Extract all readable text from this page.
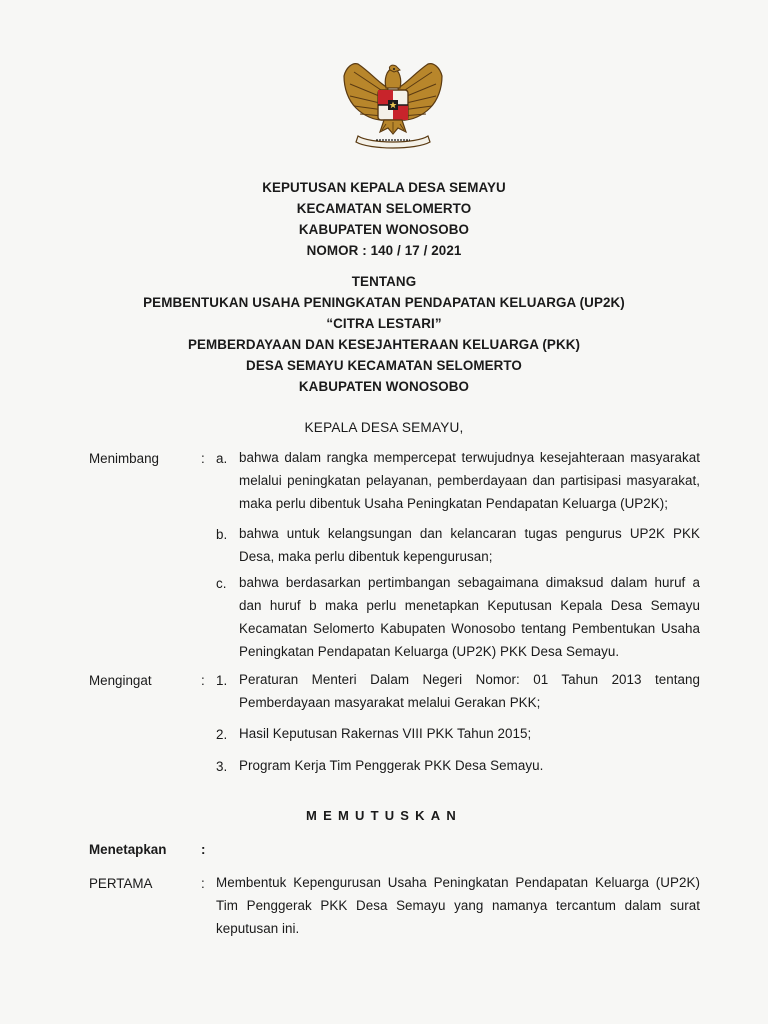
KEPUTUSAN KEPALA DESA SEMAYU
KECAMATAN SELOMERTO
KABUPATEN WONOSOBO
NOMOR : 140 / 17 / 2021
TENTANG
PEMBENTUKAN USAHA PENINGKATAN PENDAPATAN KELUARGA (UP2K)
“CITRA LESTARI”
PEMBERDAYAAN DAN KESEJAHTERAAN KELUARGA (PKK)
DESA SEMAYU KECAMATAN SELOMERTO
KABUPATEN WONOSOBO
KEPALA DESA SEMAYU,
Menimbang	: a. bahwa dalam rangka mempercepat terwujudnya kesejahteraan masyarakat melalui peningkatan pelayanan, pemberdayaan dan partisipasi masyarakat, maka perlu dibentuk Usaha Peningkatan Pendapatan Keluarga (UP2K);
b. bahwa untuk kelangsungan dan kelancaran tugas pengurus UP2K PKK Desa, maka perlu dibentuk kepengurusan;
c. bahwa berdasarkan pertimbangan sebagaimana dimaksud dalam huruf a dan huruf b maka perlu menetapkan Keputusan Kepala Desa Semayu Kecamatan Selomerto Kabupaten Wonosobo tentang Pembentukan Usaha Peningkatan Pendapatan Keluarga (UP2K) PKK Desa Semayu.
Mengingat	: 1. Peraturan Menteri Dalam Negeri Nomor: 01 Tahun 2013 tentang Pemberdayaan masyarakat melalui Gerakan PKK;
2. Hasil Keputusan Rakernas VIII PKK Tahun 2015;
3. Program Kerja Tim Penggerak PKK Desa Semayu.
MEMUTUSKAN
Menetapkan	:
PERTAMA	: Membentuk Kepengurusan Usaha Peningkatan Pendapatan Keluarga (UP2K) Tim Penggerak PKK Desa Semayu yang namanya tercantum dalam surat keputusan ini.
